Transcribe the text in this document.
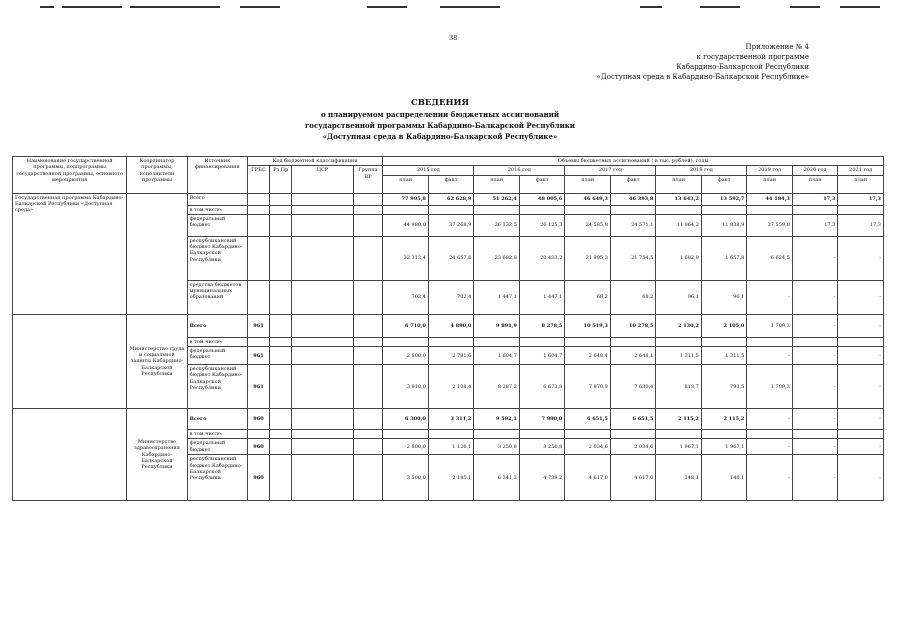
38
Приложение № 4
к государственной программе
Кабардино-Балкарской Республики
«Доступная среда в Кабардино-Балкарской Республике»
СВЕДЕНИЯ
о планируемом распределении бюджетных ассигнований
государственной программы Кабардино-Балкарской Республики
«Доступная среда в Кабардино-Балкарской Республике»
Наименование государственной программы, подпрограммы государственной программы, основного мероприятия	Координатор программы, исполнители программы	Источник финансирования	Код бюджетной классификации				Объемы бюджетных ассигнований ( в тыс. рублей), годы										
			ГРБС	Рз Пр	ЦСР	Группа ВР	2015 год		2016 год		2017 год		2018 год		2019 год	2020 год	2021 год
							план	факт	план	факт	план	факт	план	факт	план	план	план
Государственная программа Кабардино-Балкарской Республики «Доступная среда»		Всего					77 995,8	62 628,9	51 262,4	48 005,6	46 649,3	46 393,8	13 643,2	13 592,7	44 184,3	17,3	17,3
		в том числе:															
		федеральный бюджет					44 980,0	37 268,9	26 132,5	26 125,3	24 585,8	24 571,1	11 864,2	11 838,9	37 559,8	17,3	17,3
		республиканский бюджет Кабардино-Балкарской Республики					32 313,4	24 657,6	23 682,8	20 433,2	21 995,3	21 754,5	1 682,9	1 657,8	6 624,5	-	-
		средства бюджетов муниципальных образований					702,4	702,4	1 447,1	1 447,1	68,2	68,2	96,1	96,1	-	-	-
	Министерство труда и социальной защиты Кабардино-Балкарской Республики	Всего	961				6 710,0	4 890,0	9 891,9	8 278,5	10 519,3	10 278,5	2 130,2	2 105,0	1 709,3	-	-
		в том числе:															
		федеральный бюджет	961				2 800,0	2 781,6	1 604,7	1 604,7	2 648,4	2 648,1	1 311,5	1 311,5	-	-	-
		республиканский бюджет Кабардино-Балкарской Республики	961				3 910,0	2 108,4	8 287,2	6 673,8	7 870,9	7 630,4	818,7	793,5	1 709,3	-	-
	Министерство здравоохранения Кабардино-Балкарской Республики	Всего	960				6 300,0	3 311,2	9 592,1	7 990,0	6 651,5	6 651,5	2 115,2	2 115,2	-	-	-
		в том числе:															
		федеральный бюджет	960				2 800,0	1 126,1	3 250,8	3 250,8	2 034,6	2 034,6	1 967,1	1 967,1	-	-	-
		республиканский бюджет Кабардино-Балкарской Республики	960				3 500,0	2 185,1	6 341,3	4 739,2	4 617,0	4 617,0	148,1	148,1	-	-	-
